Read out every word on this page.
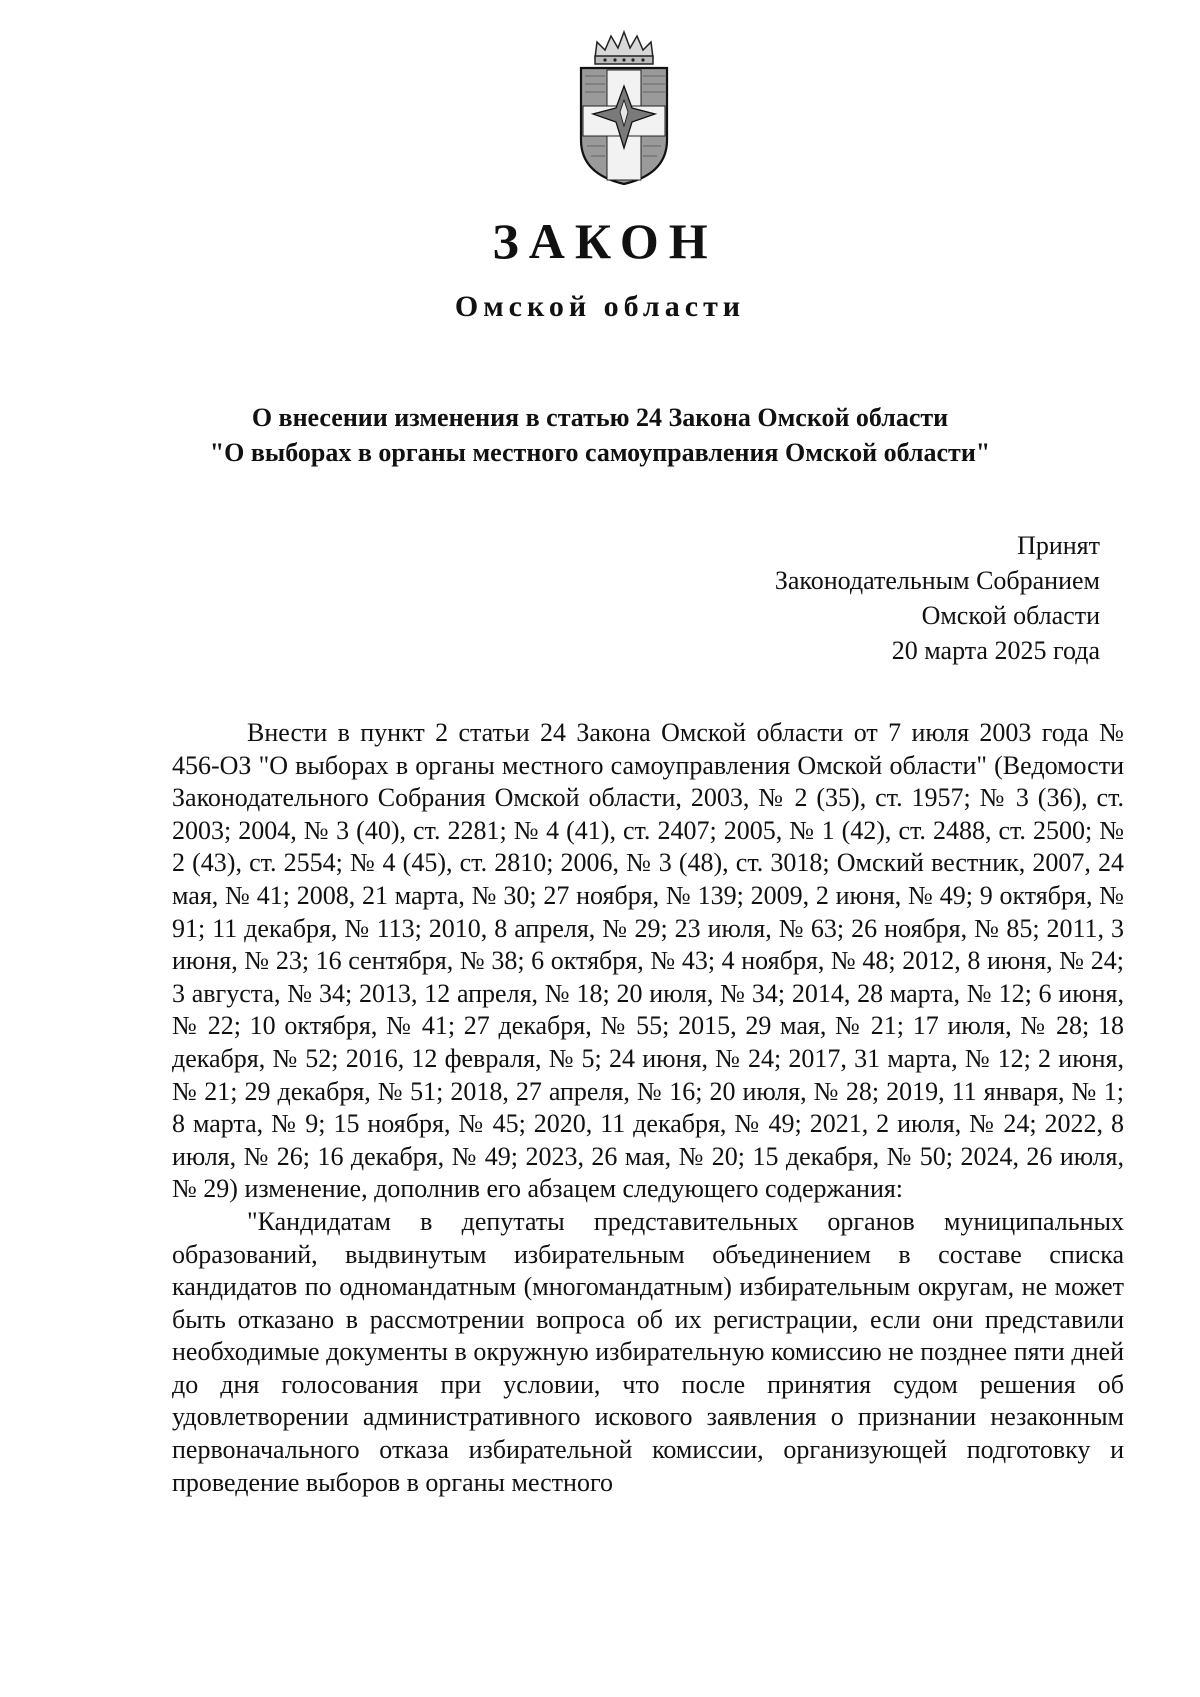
ЗАКОН
Омской области
О внесении изменения в статью 24 Закона Омской области
"О выборах в органы местного самоуправления Омской области"
Принят
Законодательным Собранием
Омской области
20 марта 2025 года

Внести в пункт 2 статьи 24 Закона Омской области от 7 июля 2003 года № 456-ОЗ "О выборах в органы местного самоуправления Омской области" (Ведомости Законодательного Собрания Омской области, 2003, № 2 (35), ст. 1957; № 3 (36), ст. 2003; 2004, № 3 (40), ст. 2281; № 4 (41), ст. 2407; 2005, № 1 (42), ст. 2488, ст. 2500; № 2 (43), ст. 2554; № 4 (45), ст. 2810; 2006, № 3 (48), ст. 3018; Омский вестник, 2007, 24 мая, № 41; 2008, 21 марта, № 30; 27 ноября, № 139; 2009, 2 июня, № 49; 9 октября, № 91; 11 декабря, № 113; 2010, 8 апреля, № 29; 23 июля, № 63; 26 ноября, № 85; 2011, 3 июня, № 23; 16 сентября, № 38; 6 октября, № 43; 4 ноября, № 48; 2012, 8 июня, № 24; 3 августа, № 34; 2013, 12 апреля, № 18; 20 июля, № 34; 2014, 28 марта, № 12; 6 июня, № 22; 10 октября, № 41; 27 декабря, № 55; 2015, 29 мая, № 21; 17 июля, № 28; 18 декабря, № 52; 2016, 12 февраля, № 5; 24 июня, № 24; 2017, 31 марта, № 12; 2 июня, № 21; 29 декабря, № 51; 2018, 27 апреля, № 16; 20 июля, № 28; 2019, 11 января, № 1; 8 марта, № 9; 15 ноября, № 45; 2020, 11 декабря, № 49; 2021, 2 июля, № 24; 2022, 8 июля, № 26; 16 декабря, № 49; 2023, 26 мая, № 20; 15 декабря, № 50; 2024, 26 июля, № 29) изменение, дополнив его абзацем следующего содержания:

"Кандидатам в депутаты представительных органов муниципальных образований, выдвинутым избирательным объединением в составе списка кандидатов по одномандатным (многомандатным) избирательным округам, не может быть отказано в рассмотрении вопроса об их регистрации, если они представили необходимые документы в окружную избирательную комиссию не позднее пяти дней до дня голосования при условии, что после принятия судом решения об удовлетворении административного искового заявления о признании незаконным первоначального отказа избирательной комиссии, организующей подготовку и проведение выборов в органы местного
